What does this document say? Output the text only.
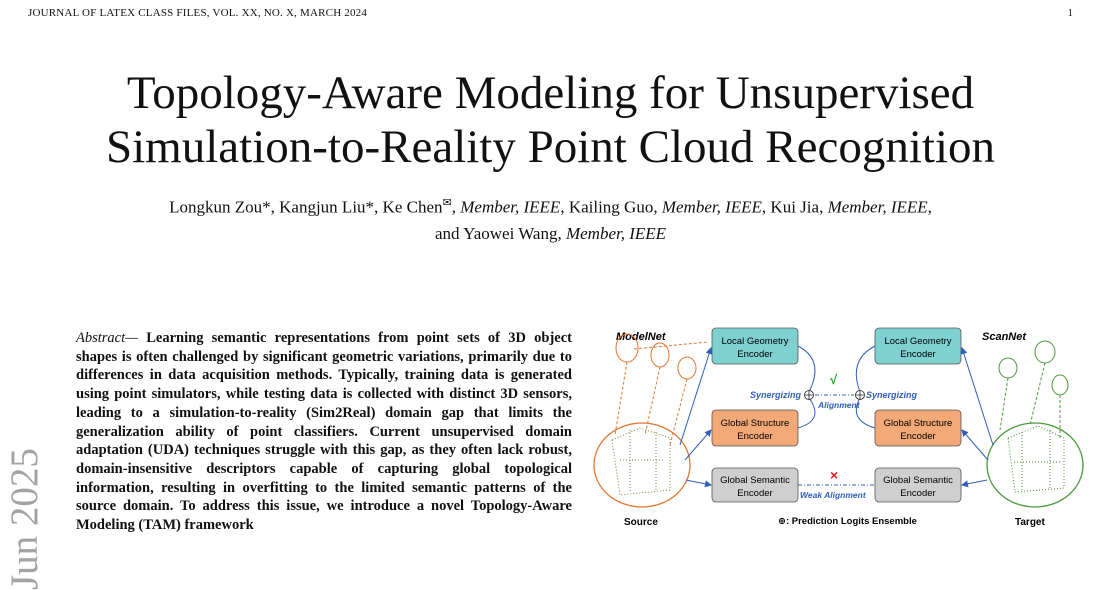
JOURNAL OF LATEX CLASS FILES, VOL. XX, NO. X, MARCH 2024	1
Topology-Aware Modeling for Unsupervised
Simulation-to-Reality Point Cloud Recognition
Longkun Zou*, Kangjun Liu*, Ke Chen✉, Member, IEEE, Kailing Guo, Member, IEEE, Kui Jia, Member, IEEE,
and Yaowei Wang, Member, IEEE
Jun 2025
Abstract— Learning semantic representations from point sets of 3D object shapes is often challenged by significant geometric variations, primarily due to differences in data acquisition methods. Typically, training data is generated using point simulators, while testing data is collected with distinct 3D sensors, leading to a simulation-to-reality (Sim2Real) domain gap that limits the generalization ability of point classifiers. Current unsupervised domain adaptation (UDA) techniques struggle with this gap, as they often lack robust, domain-insensitive descriptors capable of capturing global topological information, resulting in overfitting to the limited semantic patterns of the source domain. To address this issue, we introduce a novel Topology-Aware Modeling (TAM) framework
ModelNet	ScanNet
Local Geometry
Encoder
Local Geometry
Encoder
Global Structure
Encoder
Global Structure
Encoder
Global Semantic
Encoder
Global Semantic
Encoder
Synergizing	Synergizing
Alignment
√
×
Weak Alignment
Source	Target
⊕: Prediction Logits Ensemble
